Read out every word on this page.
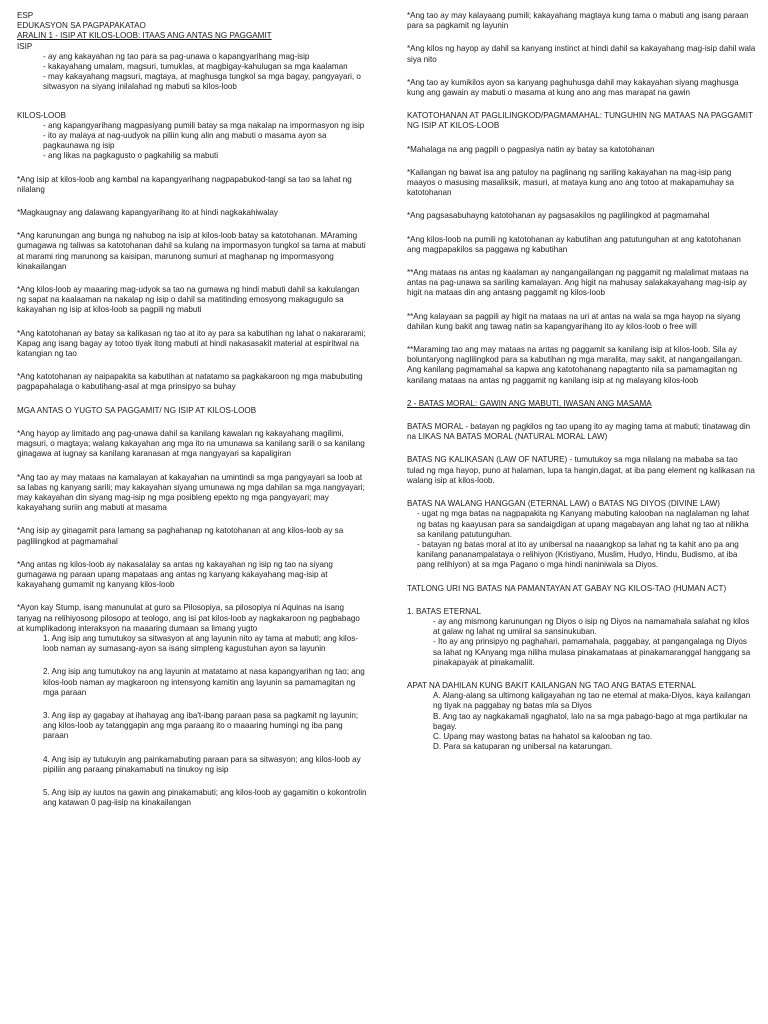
ESP

EDUKASYON SA PAGPAPAKATAO

ARALIN 1 - ISIP AT KILOS-LOOB: ITAAS ANG ANTAS NG PAGGAMIT

ISIP

- ay ang kakayahan ng tao para sa pag-unawa o kapangyarihang mag-isip

- kakayahang umalam, magsuri, tumuklas, at magbigay-kahulugan sa mga kaalaman

- may kakayahang magsuri, magtaya, at maghusga tungkol sa mga bagay, pangyayari, o sitwasyon na siyang inilalahad ng mabuti sa kilos-loob

KILOS-LOOB

- ang kapangyarihang magpasiyang pumili batay sa mga nakalap na impormasyon ng isip

- ito ay malaya at nag-uudyok na piliin kung alin ang mabuti o masama ayon sa pagkaunawa ng isip

- ang likas na pagkagusto o pagkahilig sa mabuti

*Ang isip at kilos-loob ang kambal na kapangyarihang nagpapabukod-tangi sa tao sa lahat ng nilalang

*Magkaugnay ang dalawang kapangyarihang ito at hindi nagkakahiwalay

*Ang karunungan ang bunga ng nahubog na isip at kilos-loob batay sa katotohanan. MAraming gumagawa ng taliwas sa katotohanan dahil sa kulang na impormasyon tungkol sa tama at mabuti at marami ring marunong sa kaisipan, marunong sumuri at maghanap ng impormasyong kinakailangan

*Ang kilos-loob ay maaaring mag-udyok sa tao na gumawa ng hindi mabuti dahil sa kakulangan ng sapat na kaalaaman na nakalap ng isip o dahil sa matitinding emosyong makagugulo sa kakayahan ng isip at kilos-loob sa pagpili ng mabuti

*Ang katotohanan ay batay sa kalikasan ng tao at ito ay para sa kabutihan ng lahat o nakararami; Kapag ang isang bagay ay totoo tiyak itong mabuti at hindi nakasasakit material at espiritwal na katangian ng tao

*Ang katotohanan ay naipapakita sa kabutihan at natatamo sa pagkakaroon ng mga mabubuting pagpapahalaga o kabutihang-asal at mga prinsipyo sa buhay

MGA ANTAS O YUGTO SA PAGGAMIT/ NG ISIP AT KILOS-LOOB

*Ang hayop ay limitado ang pag-unawa dahil sa kanilang kawalan ng kakayahang magilimi, magsuri, o magtaya; walang kakayahan ang mga ito na umunawa sa kanilang sarili o sa kanilang ginagawa at iugnay sa kanilang karanasan at mga nangyayari sa kapaligiran

*Ang tao ay may mataas na kamalayan at kakayahan na umintindi sa mga pangyayari sa loob at sa labas ng kanyang sarili; may kakayahan siyang umunawa ng mga dahilan sa mga nangyayari; may kakayahan din siyang mag-isip ng mga posibleng epekto ng mga pangyayari; may kakayahang suriin ang mabuti at masama

*Ang isip ay ginagamit para lamang sa paghahanap ng katotohanan at ang kilos-loob ay sa paglilingkod at pagmamahal

*Ang antas ng kilos-loob ay nakasalalay sa antas ng kakayahan ng isip ng tao na siyang gumagawa ng paraan upang mapataas ang antas ng kanyang kakayahang mag-isip at kakayahang gumamit ng kanyang kilos-loob

*Ayon kay Stump, isang manunulat at guro sa Pilosopiya, sa pilosopiya ni Aquinas na isang tanyag na relihiyosong pilosopo at teologo, ang isi pat kilos-loob ay nagkakaroon ng pagbabago at kumplikadong interaksyon na maaaring dumaan sa limang yugto

1. Ang isip ang tumutukoy sa sitwasyon at ang layunin nito ay tama at mabuti; ang kilos-loob naman ay sumasang-ayon sa isang simpleng kagustuhan ayon sa layunin

2. Ang isip ang tumutukoy na ang layunin at matatamo at nasa kapangyarihan ng tao; ang kilos-loob naman ay magkaroon ng intensyong kamitin ang layunin sa pamamagitan ng mga paraan

3. Ang iisp ay gagabay at ihahayag ang iba't-ibang paraan pasa sa pagkamit ng layunin; ang kilos-loob ay tatanggapin ang mga paraang ito o maaaring humingi ng iba pang paraan

4. Ang isip ay tutukuyin ang painkamabuting paraan para sa sitwasyon; ang kilos-loob ay pipiliin ang paraang pinakamabuti na tinukoy ng isip

5. Ang isip ay iuutos na gawin ang pinakamabuti; ang kilos-loob ay gagamitin o kokontrolin ang katawan 0 pag-iisip na kinakailangan

*Ang tao ay may kalayaang pumili; kakayahang magtaya kung tama o mabuti ang isang paraan para sa pagkamit ng layunin

*Ang kilos ng hayop ay dahil sa kanyang instinct at hindi dahil sa kakayahang mag-isip dahil wala siya nito

*Ang tao ay kumikilos ayon sa kanyang paghuhusga dahil may kakayahan siyang maghusga kung ang gawain ay mabuti o masama at kung ano ang mas marapat na gawin

KATOTOHANAN AT PAGLILINGKOD/PAGMAMAHAL: TUNGUHIN NG MATAAS NA PAGGAMIT NG ISIP AT KILOS-LOOB

*Mahalaga na ang pagpili o pagpasiya natin ay batay sa katotohanan

*Kailangan ng bawat isa ang patuloy na paglinang ng sariling kakayahan na mag-isip pang maayos o masusing masaliksik, masuri, at mataya kung ano ang totoo at makapamuhay sa katotohanan

*Ang pagsasabuhayng katotohanan ay pagsasakilos ng paglilingkod at pagmamahal

*Ang kilos-loob na pumili ng katotohanan ay kabutihan ang patutunguhan at ang katotohanan ang magpapakilos sa paggawa ng kabutihan

**Ang mataas na antas ng kaalaman ay nangangailangan ng paggamit ng malalimat mataas na antas na pag-unawa sa sariling kamalayan. Ang higit na mahusay salakakayahang mag-isip ay higit na mataas din ang antasng paggamit ng kilos-loob

**Ang kalayaan sa pagpili ay higit na mataas na uri at antas na wala sa mga hayop na siyang dahilan kung bakit ang tawag natin sa kapangyarihang ito ay kilos-loob o free will

**Maraming tao ang may mataas na antas ng paggamit sa kanilang isip at kilos-loob. Sila ay boluntaryong naglilingkod para sa kabutihan ng mga maralita, may sakit, at nangangailangan. Ang kanilang pagmamahal sa kapwa ang katotohanang napagtanto nila sa pamamagitan ng kanilang mataas na antas ng paggamit ng kanilang isip at ng malayang kilos-loob

2 - BATAS MORAL: GAWIN ANG MABUTI, IWASAN ANG MASAMA

BATAS MORAL - batayan ng pagkilos ng tao upang ito ay maging tama at mabuti; tinatawag din na LIKAS NA BATAS MORAL (NATURAL MORAL LAW)

BATAS NG KALIKASAN (LAW OF NATURE) - tumutukoy sa mga nilalang na mababa sa tao tulad ng mga hayop, puno at halaman, lupa ta hangin,dagat, at iba pang element ng kalikasan na walang isip at kilos-loob.

BATAS NA WALANG HANGGAN (ETERNAL LAW) o BATAS NG DIYOS (DIVINE LAW)

- ugat ng mga batas na nagpapakita ng Kanyang mabuting kalooban na naglalaman ng lahat ng batas ng kaayusan para sa sandaigdigan at upang magabayan ang lahat ng tao at nilikha sa kanilang patutunguhan.

- batayan ng batas moral at ito ay unibersal na naaangkop sa lahat ng ta kahit ano pa ang kanilang pananampalataya o relihiyon (Kristiyano, Muslim, Hudyo, Hindu, Budismo, at iba pang relihiyon) at sa mga Pagano o mga hindi naniniwala sa Diyos.

TATLONG URI NG BATAS NA PAMANTAYAN AT GABAY NG KILOS-TAO (HUMAN ACT)

1. BATAS ETERNAL

- ay ang mismong karunungan ng Diyos o isip ng Diyos na namamahala salahat ng kilos at galaw ng lahat ng umiiral sa sansinukuban.

- Ito ay ang prinsipyo ng paghahari, pamamahala, paggabay, at pangangalaga ng Diyos sa lahat ng KAnyang mga niliha mulasa pinakamataas at pinakamaranggal hanggang sa pinakapayak at pinakamaliit.

APAT NA DAHILAN KUNG BAKIT KAILANGAN NG TAO ANG BATAS ETERNAL

A. Alang-alang sa ultimong kaligayahan ng tao ne eternal at maka-Diyos, kaya kailangan ng tiyak na paggabay ng batas mla sa Diyos

B. Ang tao ay nagkakamali ngaghatol, lalo na sa mga pabago-bago at mga partikular na bagay.

C. Upang may wastong batas na hahatol sa kalooban ng tao.

D. Para sa katuparan ng unibersal na katarungan.
